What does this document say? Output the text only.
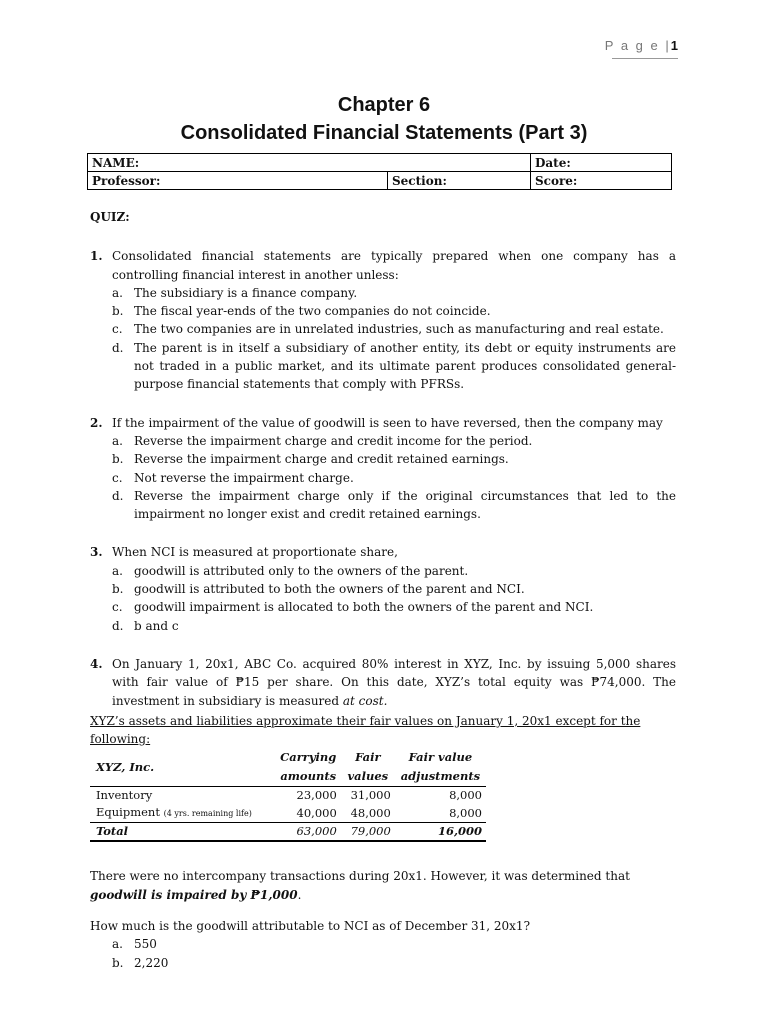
P a g e |1
Chapter 6
Consolidated Financial Statements (Part 3)
NAME:		Date:
Professor:	Section:	Score:
QUIZ:
1. Consolidated financial statements are typically prepared when one company has a controlling financial interest in another unless:
a. The subsidiary is a finance company.
b. The fiscal year-ends of the two companies do not coincide.
c. The two companies are in unrelated industries, such as manufacturing and real estate.
d. The parent is in itself a subsidiary of another entity, its debt or equity instruments are not traded in a public market, and its ultimate parent produces consolidated general-purpose financial statements that comply with PFRSs.
2. If the impairment of the value of goodwill is seen to have reversed, then the company may
a. Reverse the impairment charge and credit income for the period.
b. Reverse the impairment charge and credit retained earnings.
c. Not reverse the impairment charge.
d. Reverse the impairment charge only if the original circumstances that led to the impairment no longer exist and credit retained earnings.
3. When NCI is measured at proportionate share,
a. goodwill is attributed only to the owners of the parent.
b. goodwill is attributed to both the owners of the parent and NCI.
c. goodwill impairment is allocated to both the owners of the parent and NCI.
d. b and c
4. On January 1, 20x1, ABC Co. acquired 80% interest in XYZ, Inc. by issuing 5,000 shares with fair value of ₱15 per share. On this date, XYZ’s total equity was ₱74,000. The investment in subsidiary is measured at cost.
XYZ’s assets and liabilities approximate their fair values on January 1, 20x1 except for the following:
XYZ, Inc.	Carrying	Fair	Fair value
	amounts	values	adjustments
Inventory	23,000	31,000	8,000
Equipment (4 yrs. remaining life)	40,000	48,000	8,000
Total	63,000	79,000	16,000
There were no intercompany transactions during 20x1. However, it was determined that goodwill is impaired by ₱1,000.
How much is the goodwill attributable to NCI as of December 31, 20x1?
a. 550
b. 2,220
